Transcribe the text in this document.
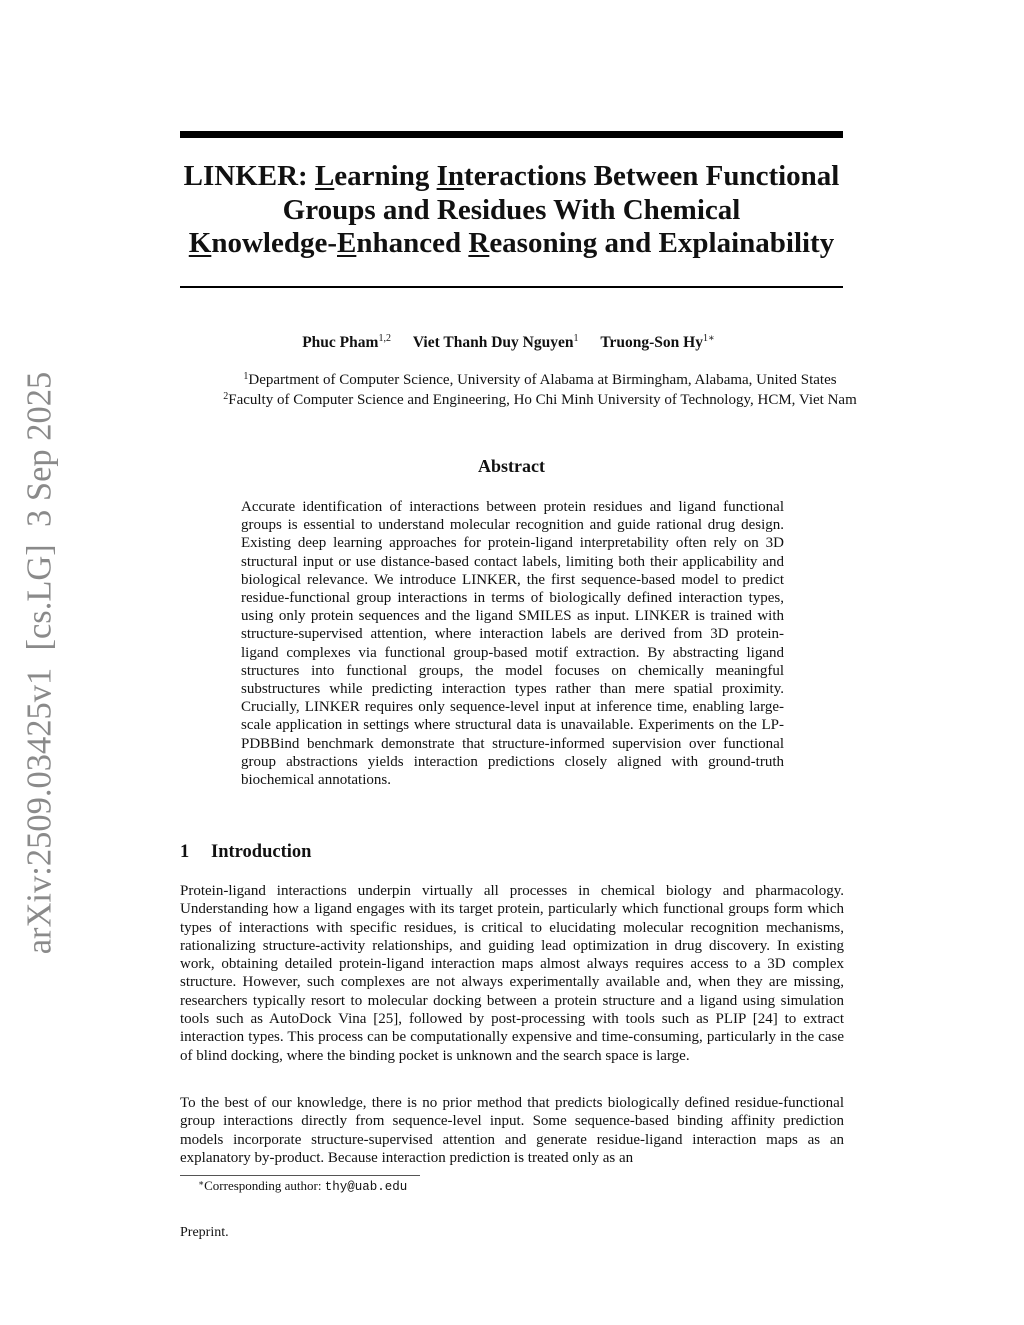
arXiv:2509.03425v1  [cs.LG]  3 Sep 2025
LINKER: Learning Interactions Between Functional
Groups and Residues With Chemical
Knowledge-Enhanced Reasoning and Explainability
Phuc Pham$^{1,2}$ Viet Thanh Duy Nguyen$^1$ Truong-Son $Hy^{1∗}$
$^1$Department of Computer Science, University of Alabama at Birmingham, Alabama, United States
$^2$Faculty of Computer Science and Engineering, Ho Chi Minh University of Technology, HCM, Viet Nam
Abstract

Accurate identification of interactions between protein residues and ligand functional groups is essential to understand molecular recognition and guide rational drug design. Existing deep learning approaches for protein-ligand interpretability often rely on 3D structural input or use distance-based contact labels, limiting both their applicability and biological relevance. We introduce LINKER, the first sequence-based model to predict residue-functional group interactions in terms of biologically defined interaction types, using only protein sequences and the ligand SMILES as input. LINKER is trained with structure-supervised attention, where interaction labels are derived from 3D protein-ligand complexes via functional group-based motif extraction. By abstracting ligand structures into functional groups, the model focuses on chemically meaningful substructures while predicting interaction types rather than mere spatial proximity. Crucially, LINKER requires only sequence-level input at inference time, enabling large-scale application in settings where structural data is unavailable. Experiments on the LP-PDBBind benchmark demonstrate that structure-informed supervision over functional group abstractions yields interaction predictions closely aligned with ground-truth biochemical annotations.

1 Introduction

Protein-ligand interactions underpin virtually all processes in chemical biology and pharmacology. Understanding how a ligand engages with its target protein, particularly which functional groups form which types of interactions with specific residues, is critical to elucidating molecular recognition mechanisms, rationalizing structure-activity relationships, and guiding lead optimization in drug discovery. In existing work, obtaining detailed protein-ligand interaction maps almost always requires access to a 3D complex structure. However, such complexes are not always experimentally available and, when they are missing, researchers typically resort to molecular docking between a protein structure and a ligand using simulation tools such as AutoDock Vina [25], followed by post-processing with tools such as PLIP [24] to extract interaction types. This process can be computationally expensive and time-consuming, particularly in the case of blind docking, where the binding pocket is unknown and the search space is large.

To the best of our knowledge, there is no prior method that predicts biologically defined residue-functional group interactions directly from sequence-level input. Some sequence-based binding affinity prediction models incorporate structure-supervised attention and generate residue-ligand interaction maps as an explanatory by-product. Because interaction prediction is treated only as an

∗Corresponding author: thy@uab.edu

Preprint.
